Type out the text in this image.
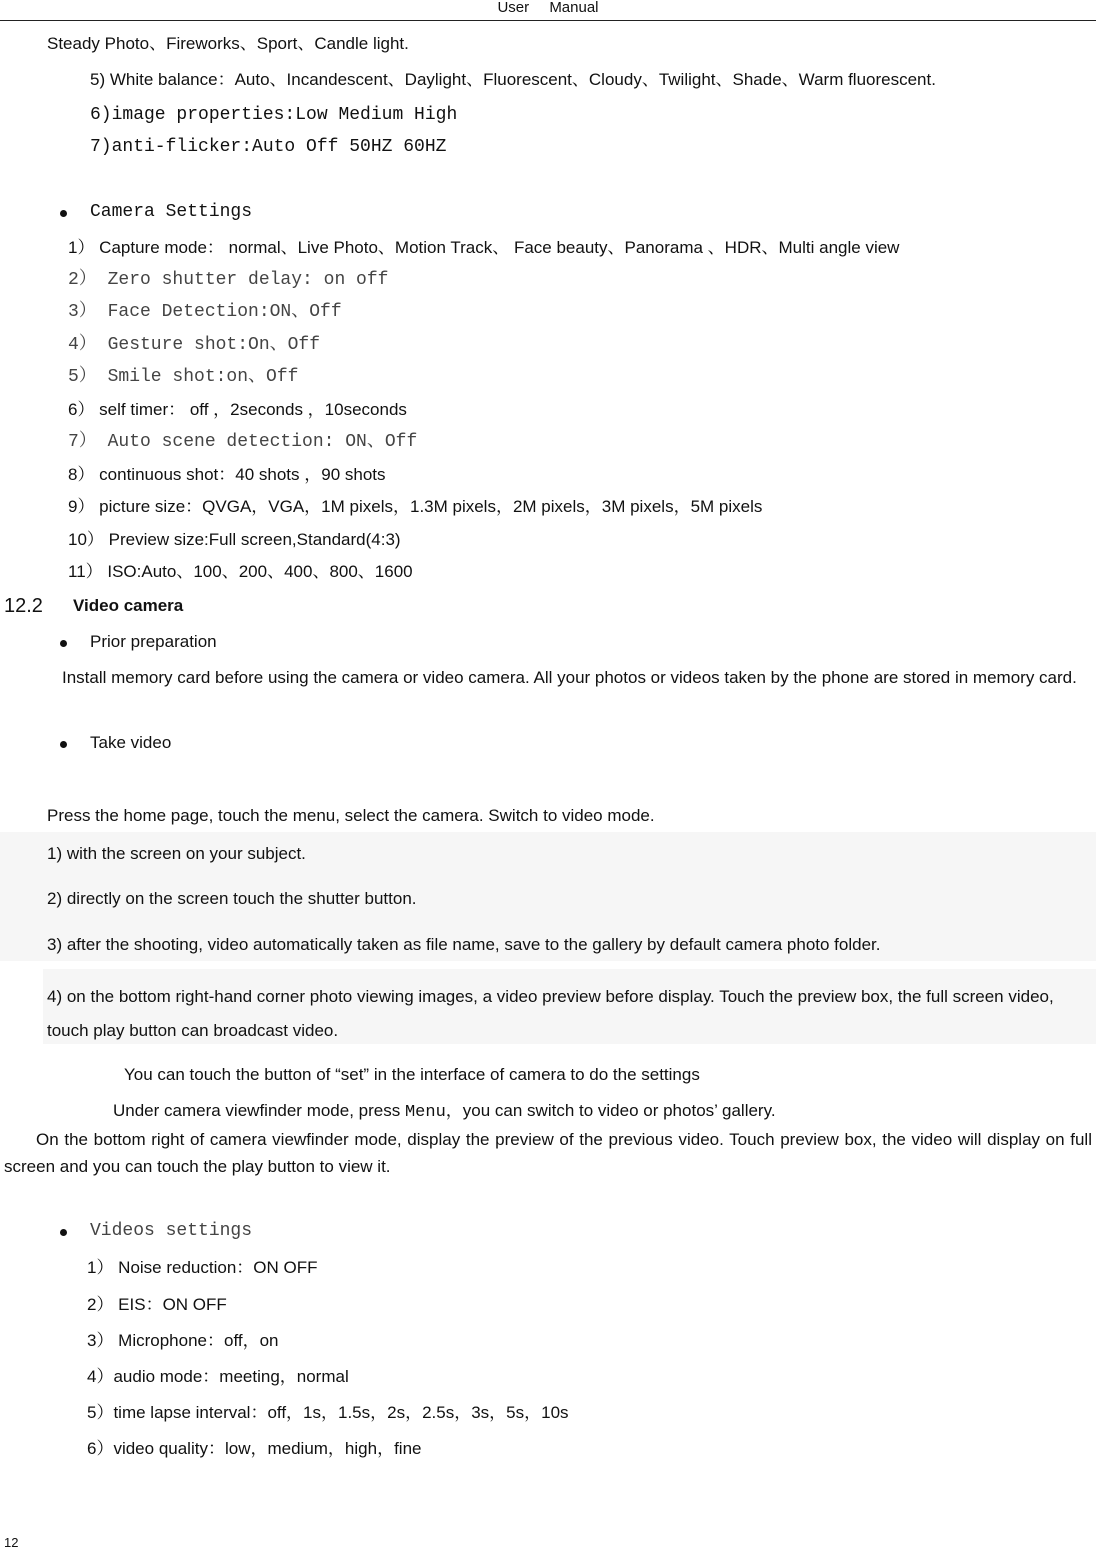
User Manual
Steady Photo、Fireworks、Sport、Candle light.
5) White balance：Auto、Incandescent、Daylight、Fluorescent、Cloudy、Twilight、Shade、Warm fluorescent.
6)image properties:Low Medium High
7)anti-flicker:Auto Off 50HZ 60HZ
Camera Settings
1） Capture mode： normal、Live Photo、Motion Track、 Face beauty、Panorama 、HDR、Multi angle view
2） Zero shutter delay: on off
3） Face Detection:ON、Off
4） Gesture shot:On、Off
5） Smile shot:on、Off
6） self timer： off ，2seconds ，10seconds
7） Auto scene detection: ON、Off
8） continuous shot：40 shots ，90 shots
9） picture size：QVGA，VGA，1M pixels，1.3M pixels，2M pixels，3M pixels，5M pixels
10） Preview size:Full screen,Standard(4:3)
11） ISO:Auto、100、200、400、800、1600
12.2 Video camera
Prior preparation
Install memory card before using the camera or video camera. All your photos or videos taken by the phone are stored in memory card.
Take video
Press the home page, touch the menu, select the camera. Switch to video mode.
1) with the screen on your subject.
2) directly on the screen touch the shutter button.
3) after the shooting, video automatically taken as file name, save to the gallery by default camera photo folder.
4) on the bottom right-hand corner photo viewing images, a video preview before display. Touch the preview box, the full screen video, touch play button can broadcast video.
You can touch the button of “set” in the interface of camera to do the settings
Under camera viewfinder mode, press Menu，you can switch to video or photos’ gallery.
On the bottom right of camera viewfinder mode, display the preview of the previous video. Touch preview box, the video will display on full screen and you can touch the play button to view it.
Videos settings
1） Noise reduction：ON OFF
2） EIS：ON OFF
3） Microphone：off，on
4）audio mode：meeting，normal
5）time lapse interval：off，1s，1.5s，2s，2.5s，3s，5s，10s
6）video quality：low，medium，high，fine
12
